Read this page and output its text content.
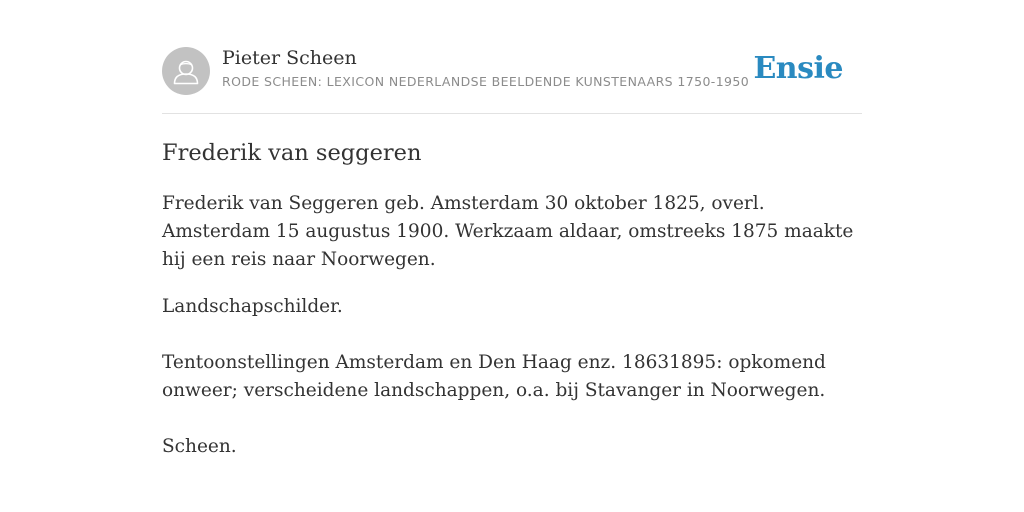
Pieter Scheen
RODE SCHEEN: LEXICON NEDERLANDSE BEELDENDE KUNSTENAARS 1750-1950 Ensie
Frederik van seggeren

Frederik van Seggeren geb. Amsterdam 30 oktober 1825, overl. Amsterdam 15 augustus 1900. Werkzaam aldaar, omstreeks 1875 maakte hij een reis naar Noorwegen.

Landschapschilder.

Tentoonstellingen Amsterdam en Den Haag enz. 18631895: opkomend onweer; verscheidene landschappen, o.a. bij Stavanger in Noorwegen.

Scheen.
